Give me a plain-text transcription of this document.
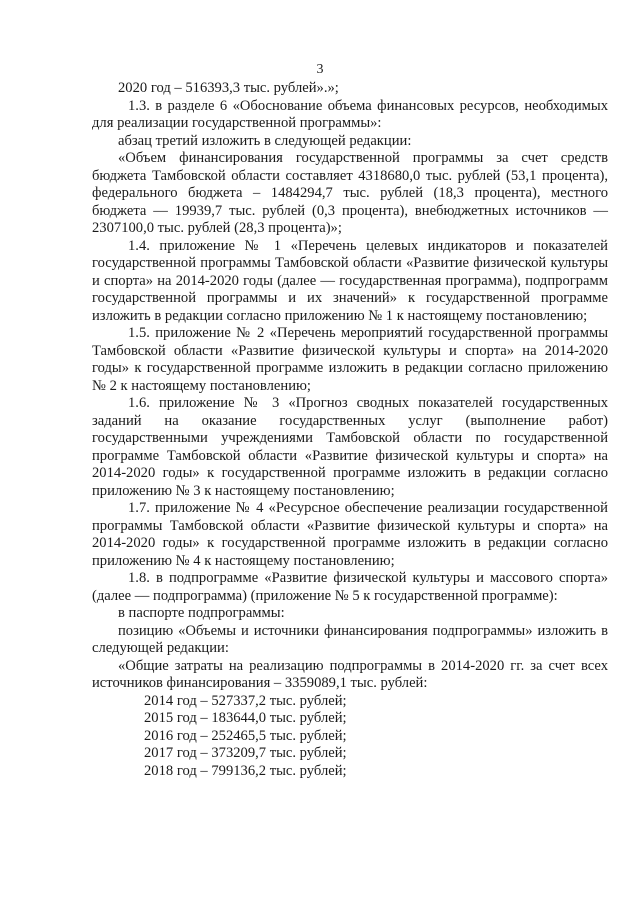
3

2020 год – 516393,3 тыс. рублей».»;

1.3. в разделе 6 «Обоснование объема финансовых ресурсов, необходимых для реализации государственной программы»:

абзац третий изложить в следующей редакции:

«Объем финансирования государственной программы за счет средств бюджета Тамбовской области составляет 4318680,0 тыс. рублей (53,1 процента), федерального бюджета – 1484294,7 тыс. рублей (18,3 процента), местного бюджета — 19939,7 тыс. рублей (0,3 процента), внебюджетных источников — 2307100,0 тыс. рублей (28,3 процента)»;

1.4. приложение № 1 «Перечень целевых индикаторов и показателей государственной программы Тамбовской области «Развитие физической культуры и спорта» на 2014-2020 годы (далее — государственная программа), подпрограмм государственной программы и их значений» к государственной программе изложить в редакции согласно приложению № 1 к настоящему постановлению;

1.5. приложение № 2 «Перечень мероприятий государственной программы Тамбовской области «Развитие физической культуры и спорта» на 2014-2020 годы» к государственной программе изложить в редакции согласно приложению № 2 к настоящему постановлению;

1.6. приложение № 3 «Прогноз сводных показателей государственных заданий на оказание государственных услуг (выполнение работ) государственными учреждениями Тамбовской области по государственной программе Тамбовской области «Развитие физической культуры и спорта» на 2014-2020 годы» к государственной программе изложить в редакции согласно приложению № 3 к настоящему постановлению;

1.7. приложение № 4 «Ресурсное обеспечение реализации государственной программы Тамбовской области «Развитие физической культуры и спорта» на 2014-2020 годы» к государственной программе изложить в редакции согласно приложению № 4 к настоящему постановлению;

1.8. в подпрограмме «Развитие физической культуры и массового спорта» (далее — подпрограмма) (приложение № 5 к государственной программе):

в паспорте подпрограммы:

позицию «Объемы и источники финансирования подпрограммы» изложить в следующей редакции:

«Общие затраты на реализацию подпрограммы в 2014-2020 гг. за счет всех источников финансирования – 3359089,1 тыс. рублей:

2014 год – 527337,2 тыс. рублей;

2015 год – 183644,0 тыс. рублей;

2016 год – 252465,5 тыс. рублей;

2017 год – 373209,7 тыс. рублей;

2018 год – 799136,2 тыс. рублей;
